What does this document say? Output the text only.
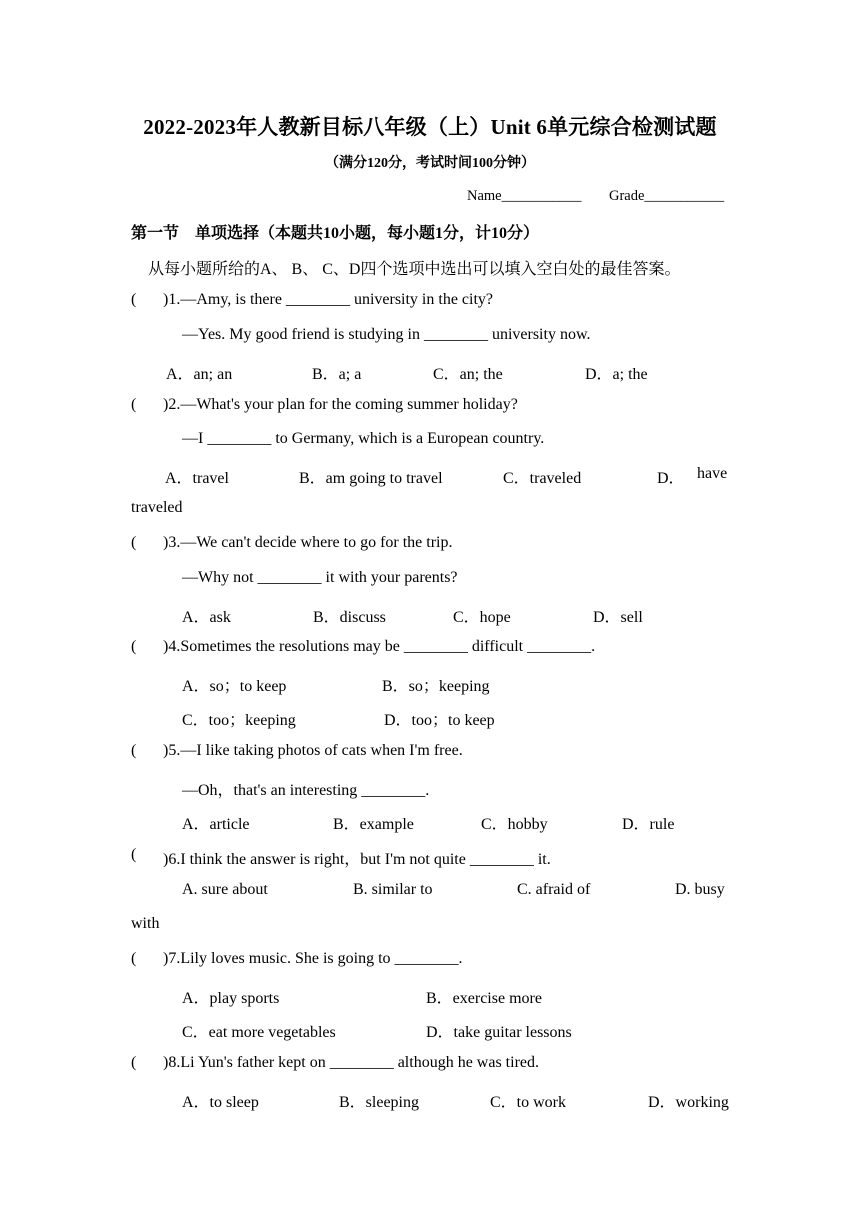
2022-2023年人教新目标八年级（上）Unit 6单元综合检测试题
（满分120分，考试时间100分钟）
Name___________ Grade___________
第一节　单项选择（本题共10小题，每小题1分，计10分）
从每小题所给的A、 B、 C、D四个选项中选出可以填入空白处的最佳答案。
( )1.—Amy, is there ________ university in the city?
—Yes. My good friend is studying in ________ university now.
A．an; an	B．a; a	C．an; the	D．a; the
( )2.—What's your plan for the coming summer holiday?
—I ________ to Germany, which is a European country.
A．travel	B．am going to travel	C．traveled	D． have
traveled
( )3.—We can't decide where to go for the trip.
—Why not ________ it with your parents?
A．ask	B．discuss	C．hope	D．sell
( )4.Sometimes the resolutions may be ________ difficult ________.
A．so；to keep	B．so；keeping
C．too；keeping	D．too；to keep
( )5.—I like taking photos of cats when I'm free.
—Oh，that's an interesting ________.
A．article	B．example	C．hobby	D．rule
( )6.I think the answer is right，but I'm not quite ________ it.
A. sure about	B. similar to	C. afraid of	D. busy
with
( )7.Lily loves music. She is going to ________.
A．play sports	B．exercise more
C．eat more vegetables	D．take guitar lessons
( )8.Li Yun's father kept on ________ although he was tired.
A．to sleep	B．sleeping	C．to work	D．working
